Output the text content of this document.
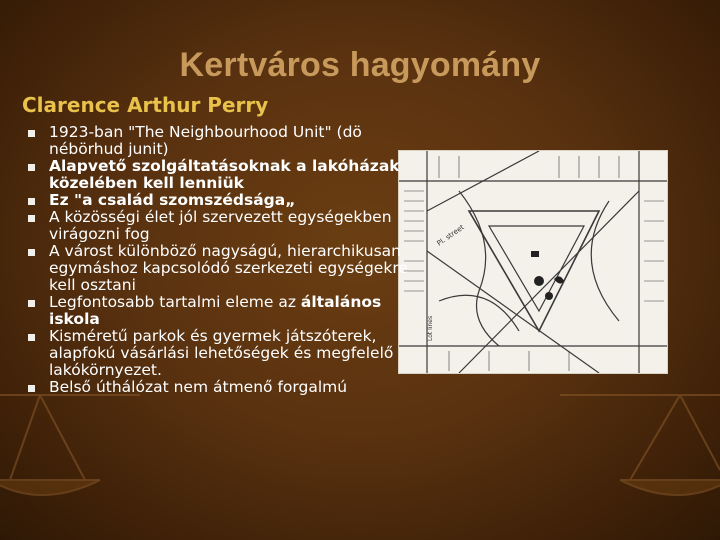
Kertváros hagyomány
Clarence Arthur Perry
Pl. street
Lot lines
1923-ban "The Neighbourhood Unit" (dö nébörhud junit)
Alapvető szolgáltatásoknak a lakóházak közelében kell lenniük
Ez "a család szomszédsága„
A közösségi élet jól szervezett egységekben virágozni fog
A várost különböző nagyságú, hierarchikusan egymáshoz kapcsolódó szerkezeti egységekre kell osztani
Legfontosabb tartalmi eleme az általános iskola
Kisméretű parkok és gyermek játszóterek, alapfokú vásárlási lehetőségek és megfelelő lakókörnyezet.
Belső úthálózat nem átmenő forgalmú
